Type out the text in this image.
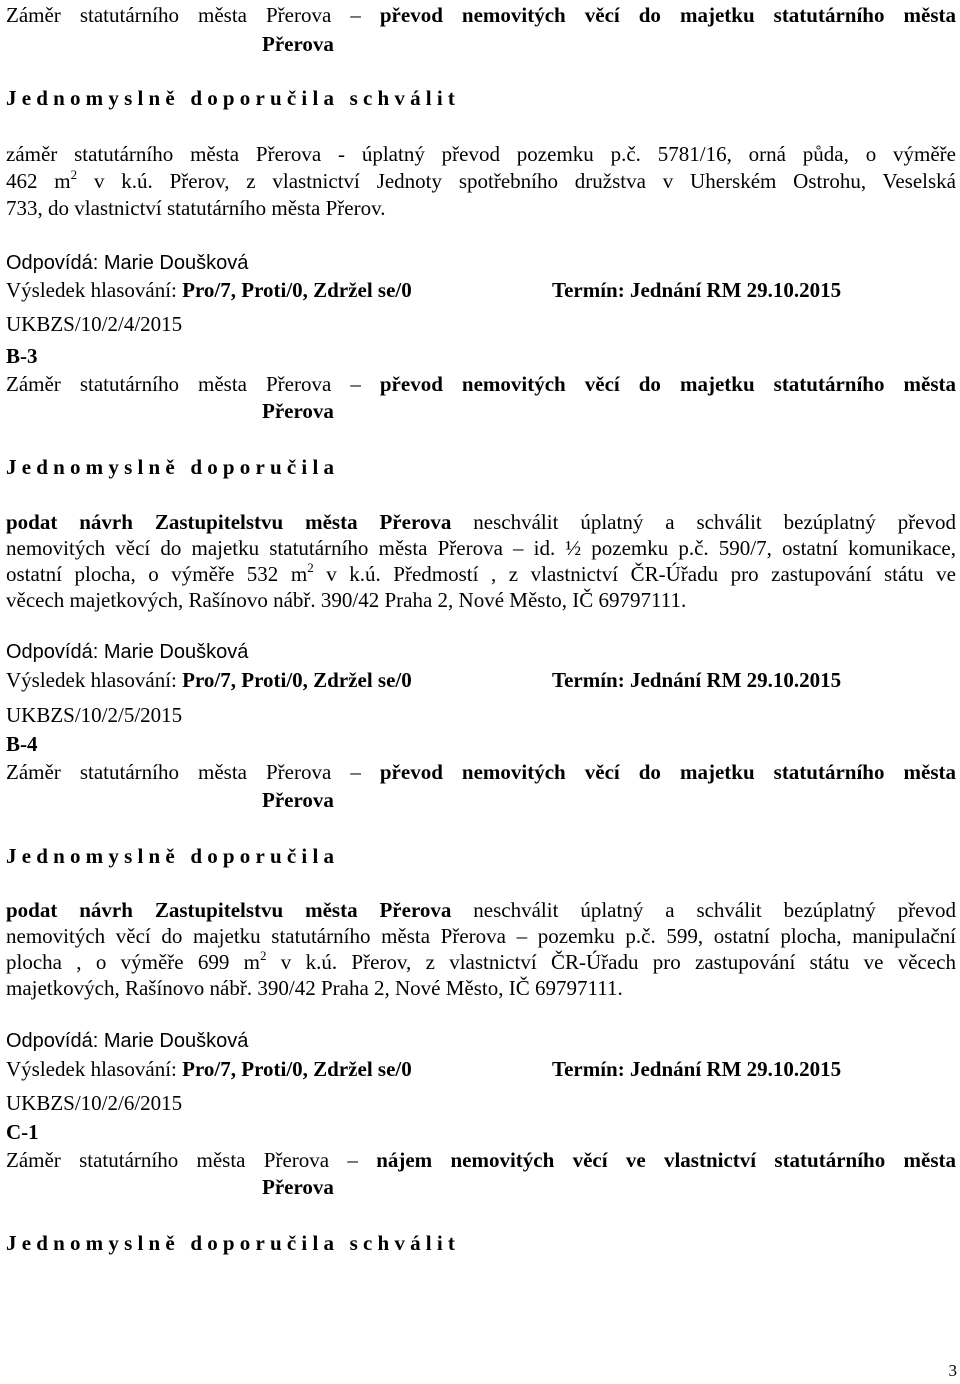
Záměr statutárního města Přerova – převod nemovitých věcí do majetku statutárního města
Přerova
Jednomyslně doporučila schválit
záměr statutárního města Přerova - úplatný převod pozemku p.č. 5781/16, orná půda, o výměře
462 $m^2$ v k.ú. Přerov, z vlastnictví Jednoty spotřebního družstva v Uherském Ostrohu, Veselská
733, do vlastnictví statutárního města Přerov.
Odpovídá: Marie Doušková
Výsledek hlasování: Pro/7, Proti/0, Zdržel se/0	Termín: Jednání RM 29.10.2015
UKBZS/10/2/4/2015
B-3
Záměr statutárního města Přerova – převod nemovitých věcí do majetku statutárního města
Přerova
Jednomyslně doporučila
podat návrh Zastupitelstvu města Přerova neschválit úplatný a schválit bezúplatný převod
nemovitých věcí do majetku statutárního města Přerova – id. ½ pozemku p.č. 590/7, ostatní komunikace,
ostatní plocha, o výměře 532 $m^2$ v k.ú. Předmostí , z vlastnictví ČR-Úřadu pro zastupování státu ve
věcech majetkových, Rašínovo nábř. 390/42 Praha 2, Nové Město, IČ 69797111.
Odpovídá: Marie Doušková
Výsledek hlasování: Pro/7, Proti/0, Zdržel se/0	Termín: Jednání RM 29.10.2015
UKBZS/10/2/5/2015
B-4
Záměr statutárního města Přerova – převod nemovitých věcí do majetku statutárního města
Přerova
Jednomyslně doporučila
podat návrh Zastupitelstvu města Přerova neschválit úplatný a schválit bezúplatný převod
nemovitých věcí do majetku statutárního města Přerova – pozemku p.č. 599, ostatní plocha, manipulační
plocha , o výměře 699 $m^2$ v k.ú. Přerov, z vlastnictví ČR-Úřadu pro zastupování státu ve věcech
majetkových, Rašínovo nábř. 390/42 Praha 2, Nové Město, IČ 69797111.
Odpovídá: Marie Doušková
Výsledek hlasování: Pro/7, Proti/0, Zdržel se/0	Termín: Jednání RM 29.10.2015
UKBZS/10/2/6/2015
C-1
Záměr statutárního města Přerova – nájem nemovitých věcí ve vlastnictví statutárního města
Přerova
Jednomyslně doporučila schválit
3
